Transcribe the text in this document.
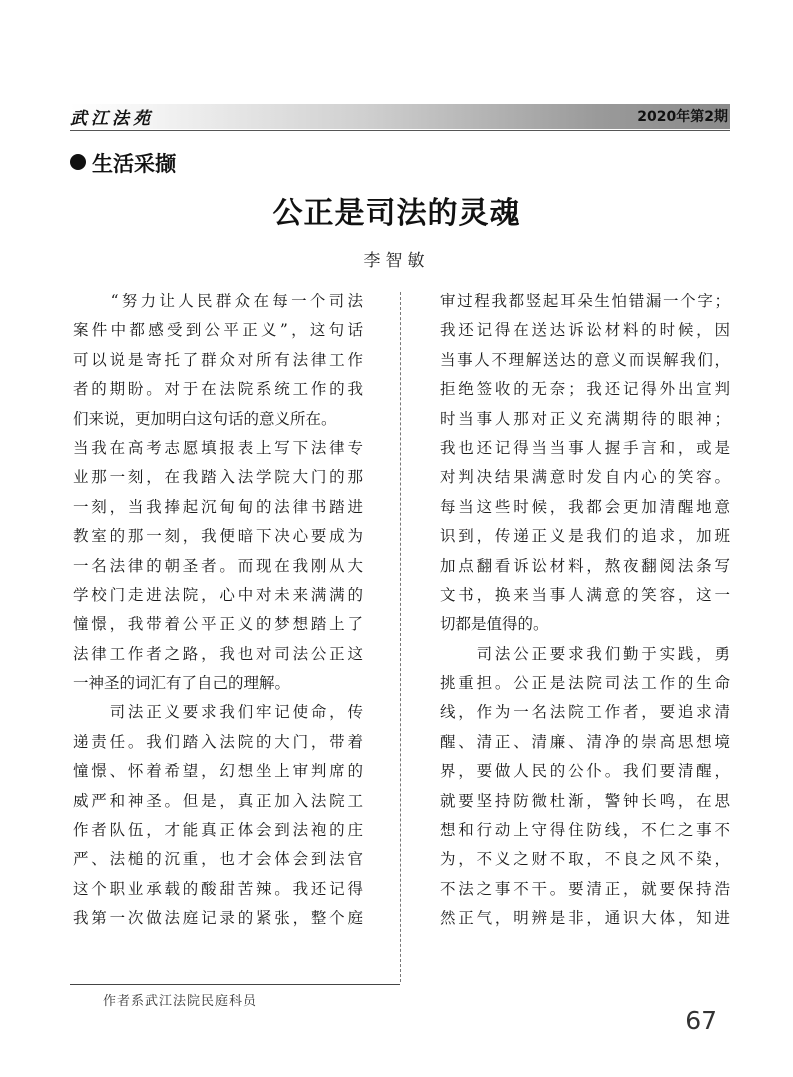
武江法苑	2020年第2期
生活采撷
公正是司法的灵魂
李智敏
　　“努力让人民群众在每一个司法
案件中都感受到公平正义”，这句话
可以说是寄托了群众对所有法律工作
者的期盼。对于在法院系统工作的我
们来说，更加明白这句话的意义所在。
当我在高考志愿填报表上写下法律专
业那一刻，在我踏入法学院大门的那
一刻，当我捧起沉甸甸的法律书踏进
教室的那一刻，我便暗下决心要成为
一名法律的朝圣者。而现在我刚从大
学校门走进法院，心中对未来满满的
憧憬，我带着公平正义的梦想踏上了
法律工作者之路，我也对司法公正这
一神圣的词汇有了自己的理解。
　　司法正义要求我们牢记使命，传
递责任。我们踏入法院的大门，带着
憧憬、怀着希望，幻想坐上审判席的
威严和神圣。但是，真正加入法院工
作者队伍，才能真正体会到法袍的庄
严、法槌的沉重，也才会体会到法官
这个职业承载的酸甜苦辣。我还记得
我第一次做法庭记录的紧张，整个庭
审过程我都竖起耳朵生怕错漏一个字；
我还记得在送达诉讼材料的时候，因
当事人不理解送达的意义而误解我们，
拒绝签收的无奈；我还记得外出宣判
时当事人那对正义充满期待的眼神；
我也还记得当当事人握手言和，或是
对判决结果满意时发自内心的笑容。
每当这些时候，我都会更加清醒地意
识到，传递正义是我们的追求，加班
加点翻看诉讼材料，熬夜翻阅法条写
文书，换来当事人满意的笑容，这一
切都是值得的。
　　司法公正要求我们勤于实践，勇
挑重担。公正是法院司法工作的生命
线，作为一名法院工作者，要追求清
醒、清正、清廉、清净的崇高思想境
界，要做人民的公仆。我们要清醒，
就要坚持防微杜渐，警钟长鸣，在思
想和行动上守得住防线，不仁之事不
为，不义之财不取，不良之风不染，
不法之事不干。要清正，就要保持浩
然正气，明辨是非，通识大体，知进
作者系武江法院民庭科员
67
